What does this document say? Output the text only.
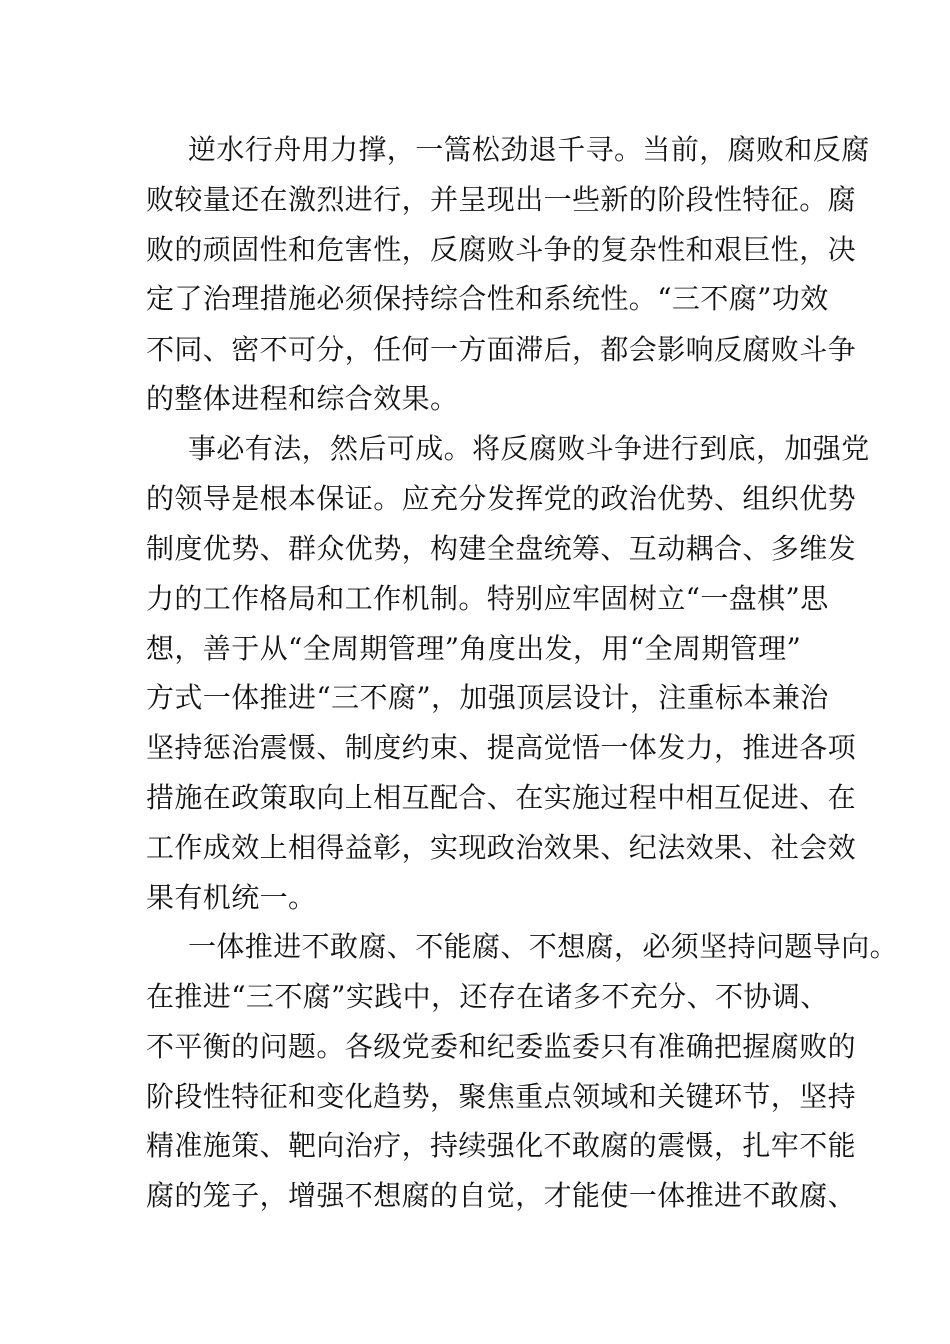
逆水行舟用力撑，一篙松劲退千寻。当前，腐败和反腐
败较量还在激烈进行，并呈现出一些新的阶段性特征。腐
败的顽固性和危害性，反腐败斗争的复杂性和艰巨性，决
定了治理措施必须保持综合性和系统性。“三不腐”功效
不同、密不可分，任何一方面滞后，都会影响反腐败斗争
的整体进程和综合效果。
事必有法，然后可成。将反腐败斗争进行到底，加强党
的领导是根本保证。应充分发挥党的政治优势、组织优势
制度优势、群众优势，构建全盘统筹、互动耦合、多维发
力的工作格局和工作机制。特别应牢固树立“一盘棋”思
想，善于从“全周期管理”角度出发，用“全周期管理”
方式一体推进“三不腐”，加强顶层设计，注重标本兼治
坚持惩治震慑、制度约束、提高觉悟一体发力，推进各项
措施在政策取向上相互配合、在实施过程中相互促进、在
工作成效上相得益彰，实现政治效果、纪法效果、社会效
果有机统一。
一体推进不敢腐、不能腐、不想腐，必须坚持问题导向。
在推进“三不腐”实践中，还存在诸多不充分、不协调、
不平衡的问题。各级党委和纪委监委只有准确把握腐败的
阶段性特征和变化趋势，聚焦重点领域和关键环节，坚持
精准施策、靶向治疗，持续强化不敢腐的震慑，扎牢不能
腐的笼子，增强不想腐的自觉，才能使一体推进不敢腐、
